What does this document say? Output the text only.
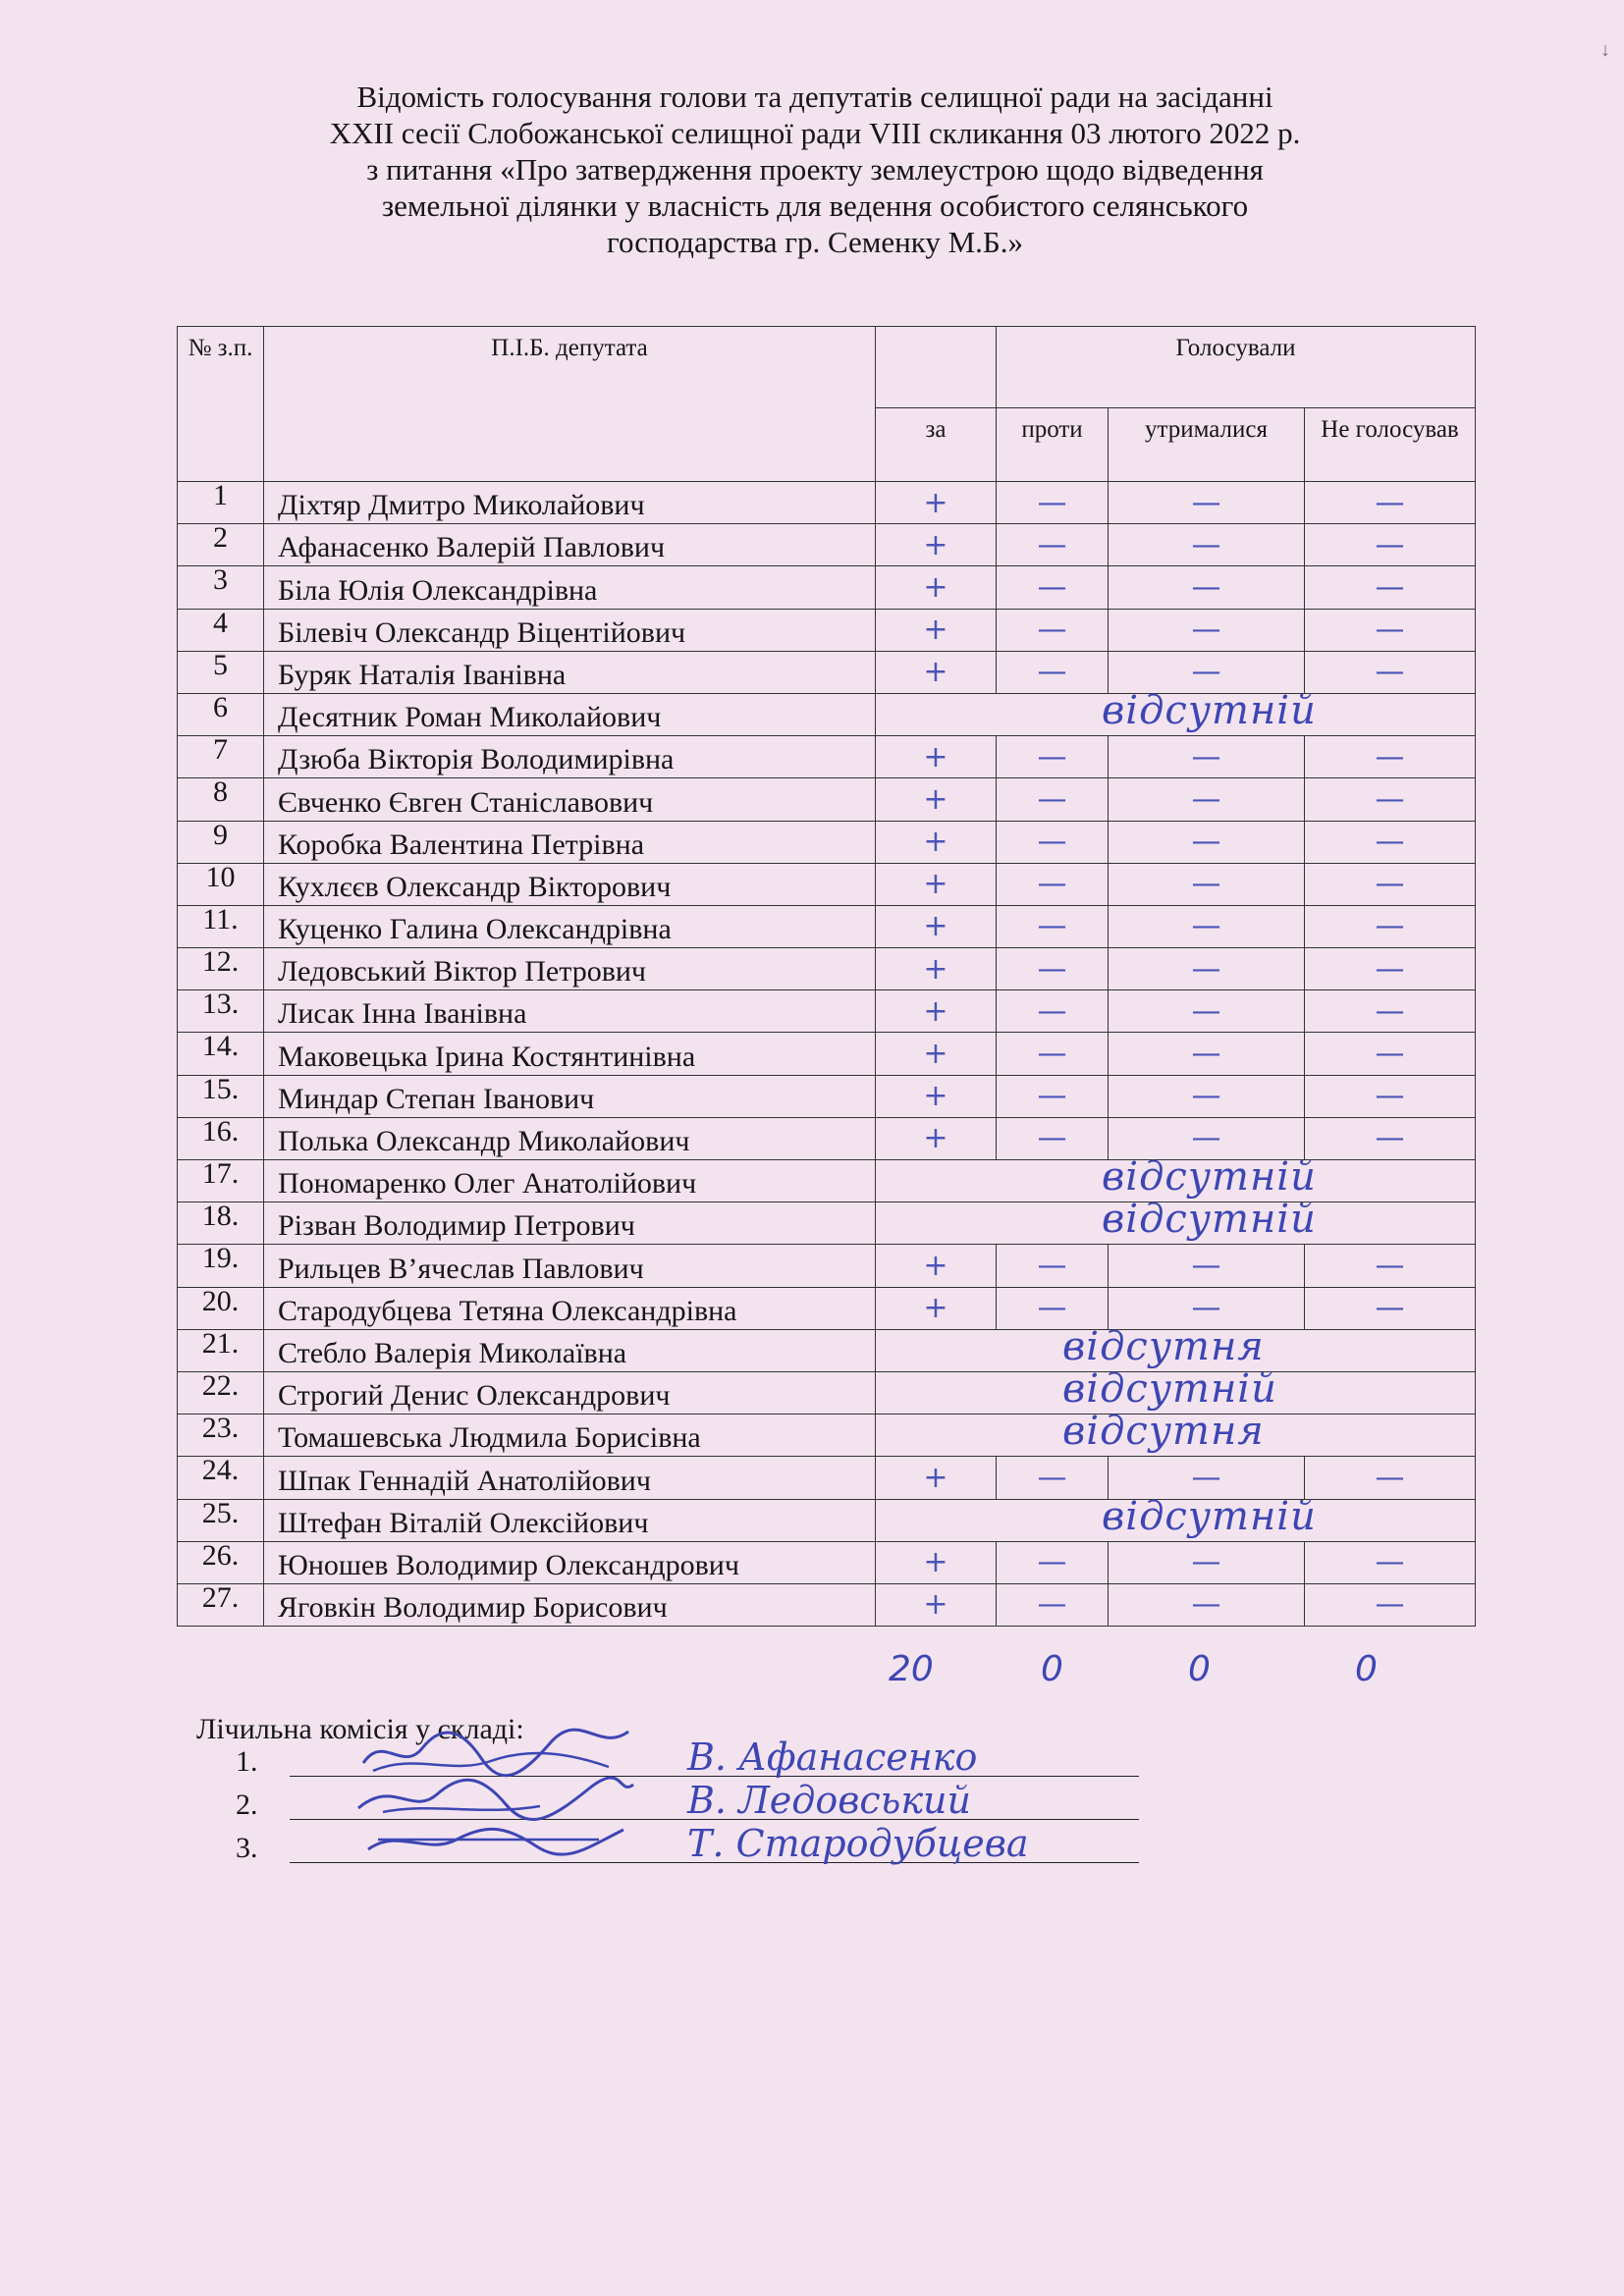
↓
Відомість голосування голови та депутатів селищної ради на засіданні
XXII сесії Слобожанської селищної ради VIII скликання 03 лютого 2022 р.
з питання «Про затвердження проекту землеустрою щодо відведення
земельної ділянки у власність для ведення особистого селянського
господарства гр. Семенку М.Б.»
№ з.п.	П.І.Б. депутата		Голосували		
		за	проти	утрималися	Не голосував
1	Діхтяр Дмитро Миколайович	+	—	—	—
2	Афанасенко Валерій Павлович	+	—	—	—
3	Біла Юлія Олександрівна	+	—	—	—
4	Білевіч Олександр Віцентійович	+	—	—	—
5	Буряк Наталія Іванівна	+	—	—	—
6	Десятник Роман Миколайович	відсутній			

7	Дзюба Вікторія Володимирівна	+	—	—	—
8	Євченко Євген Станіславович	+	—	—	—
9	Коробка Валентина Петрівна	+	—	—	—
10	Кухлєєв Олександр Вікторович	+	—	—	—
11.	Куценко Галина Олександрівна	+	—	—	—
12.	Ледовський Віктор Петрович	+	—	—	—
13.	Лисак Інна Іванівна	+	—	—	—
14.	Маковецька Ірина Костянтинівна	+	—	—	—
15.	Миндар Степан Іванович	+	—	—	—
16.	Полька Олександр Миколайович	+	—	—	—
17.	Пономаренко Олег Анатолійович	відсутній			

18.	Різван Володимир Петрович	відсутній			

19.	Рильцев В’ячеслав Павлович	+	—	—	—
20.	Стародубцева Тетяна Олександрівна	+	—	—	—
21.	Стебло Валерія Миколаївна	відсутня			

22.	Строгий Денис Олександрович	відсутній			

23.	Томашевська Людмила Борисівна	відсутня			

24.	Шпак Геннадій Анатолійович	+	—	—	—
25.	Штефан Віталій Олексійович	відсутній			

26.	Юношев Володимир Олександрович	+	—	—	—
27.	Яговкін Володимир Борисович	+	—	—	—
20	0	0	0
Лічильна комісія у складі:
1.	В. Афанасенко
2.	В. Ледовський
3.	Т. Стародубцева
